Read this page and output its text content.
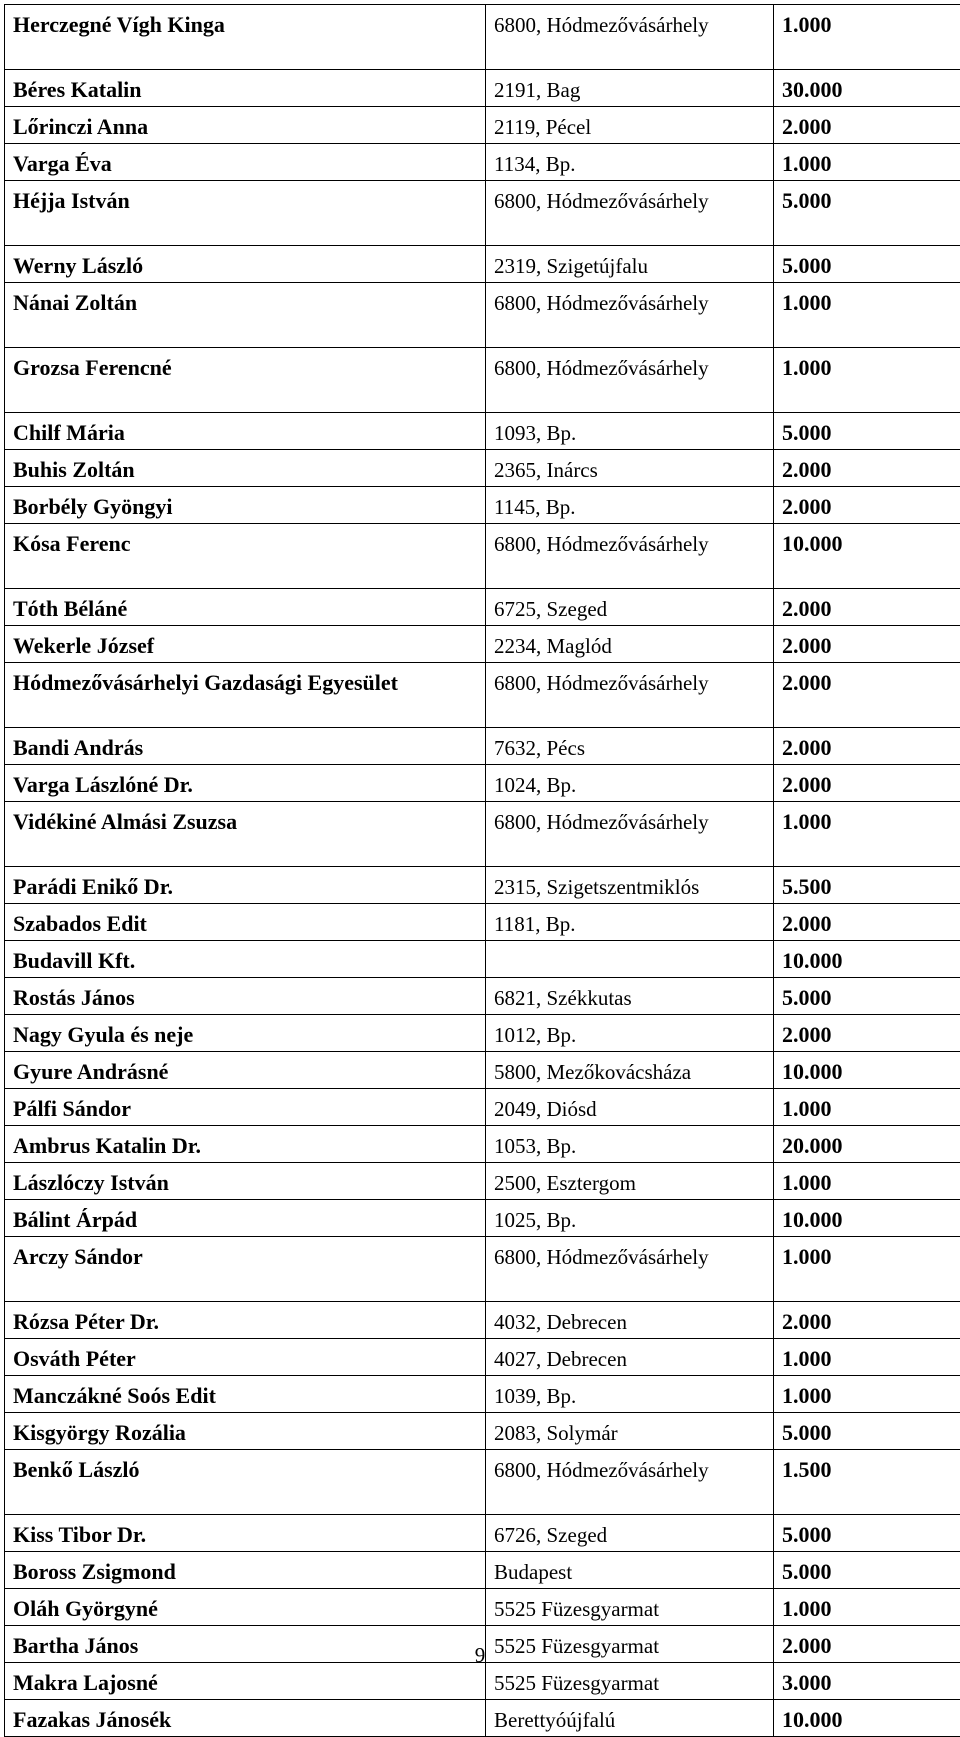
Herczegné Vígh Kinga	6800, Hódmezővásárhely	1.000
Béres Katalin	2191, Bag	30.000
Lőrinczi Anna	2119, Pécel	2.000
Varga Éva	1134, Bp.	1.000
Héjja István	6800, Hódmezővásárhely	5.000
Werny László	2319, Szigetújfalu	5.000
Nánai Zoltán	6800, Hódmezővásárhely	1.000
Grozsa Ferencné	6800, Hódmezővásárhely	1.000
Chilf Mária	1093, Bp.	5.000
Buhis Zoltán	2365, Inárcs	2.000
Borbély Gyöngyi	1145, Bp.	2.000
Kósa Ferenc	6800, Hódmezővásárhely	10.000
Tóth Béláné	6725, Szeged	2.000
Wekerle József	2234, Maglód	2.000
Hódmezővásárhelyi Gazdasági Egyesület	6800, Hódmezővásárhely	2.000
Bandi András	7632, Pécs	2.000
Varga Lászlóné Dr.	1024, Bp.	2.000
Vidékiné Almási Zsuzsa	6800, Hódmezővásárhely	1.000
Parádi Enikő Dr.	2315, Szigetszentmiklós	5.500
Szabados Edit	1181, Bp.	2.000
Budavill Kft.		10.000
Rostás János	6821, Székkutas	5.000
Nagy Gyula és neje	1012, Bp.	2.000
Gyure Andrásné	5800, Mezőkovácsháza	10.000
Pálfi Sándor	2049, Diósd	1.000
Ambrus Katalin Dr.	1053, Bp.	20.000
Lászlóczy István	2500, Esztergom	1.000
Bálint Árpád	1025, Bp.	10.000
Arczy Sándor	6800, Hódmezővásárhely	1.000
Rózsa Péter Dr.	4032, Debrecen	2.000
Osváth Péter	4027, Debrecen	1.000
Manczákné Soós Edit	1039, Bp.	1.000
Kisgyörgy Rozália	2083, Solymár	5.000
Benkő László	6800, Hódmezővásárhely	1.500
Kiss Tibor Dr.	6726, Szeged	5.000
Boross Zsigmond	Budapest	5.000
Oláh Györgyné	5525 Füzesgyarmat	1.000
Bartha János	5525 Füzesgyarmat	2.000
Makra Lajosné	5525 Füzesgyarmat	3.000
Fazakas Jánosék	Berettyóújfalú	10.000
9
